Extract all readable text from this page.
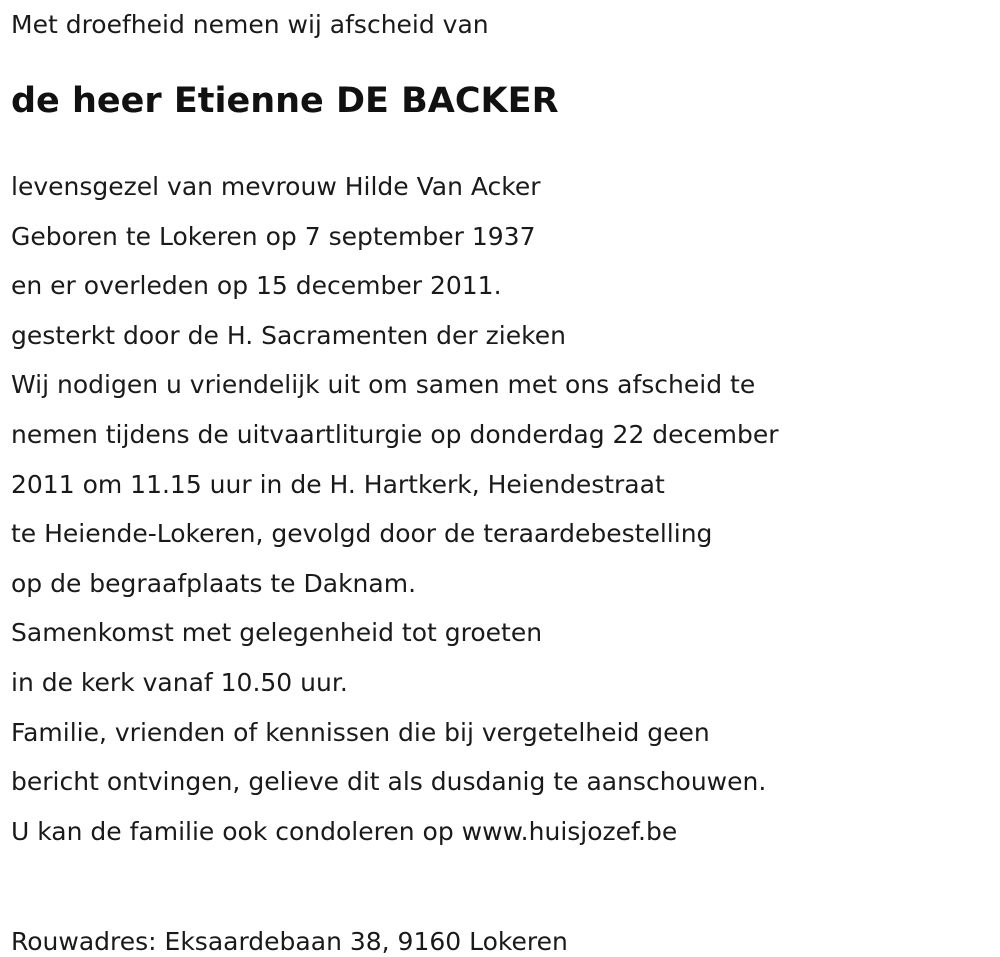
Met droefheid nemen wij afscheid van

de heer Etienne DE BACKER
levensgezel van mevrouw Hilde Van Acker
Geboren te Lokeren op 7 september 1937
en er overleden op 15 december 2011.
gesterkt door de H. Sacramenten der zieken
Wij nodigen u vriendelijk uit om samen met ons afscheid te
nemen tijdens de uitvaartliturgie op donderdag 22 december
2011 om 11.15 uur in de H. Hartkerk, Heiendestraat
te Heiende-Lokeren, gevolgd door de teraardebestelling
op de begraafplaats te Daknam.
Samenkomst met gelegenheid tot groeten
in de kerk vanaf 10.50 uur.
Familie, vrienden of kennissen die bij vergetelheid geen
bericht ontvingen, gelieve dit als dusdanig te aanschouwen.
U kan de familie ook condoleren op www.huisjozef.be

Rouwadres: Eksaardebaan 38, 9160 Lokeren
